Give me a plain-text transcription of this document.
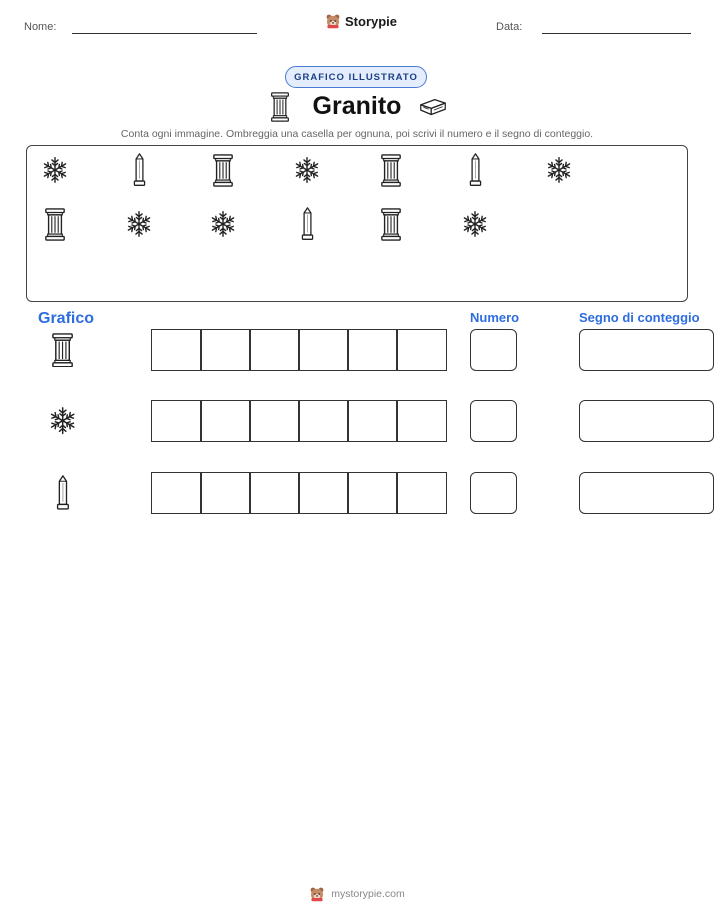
Nome:	Storypie	Data:
GRAFICO ILLUSTRATO
Granito
Conta ogni immagine. Ombreggia una casella per ognuna, poi scrivi il numero e il segno di conteggio.
Grafico	Numero	Segno di conteggio
mystorypie.com
